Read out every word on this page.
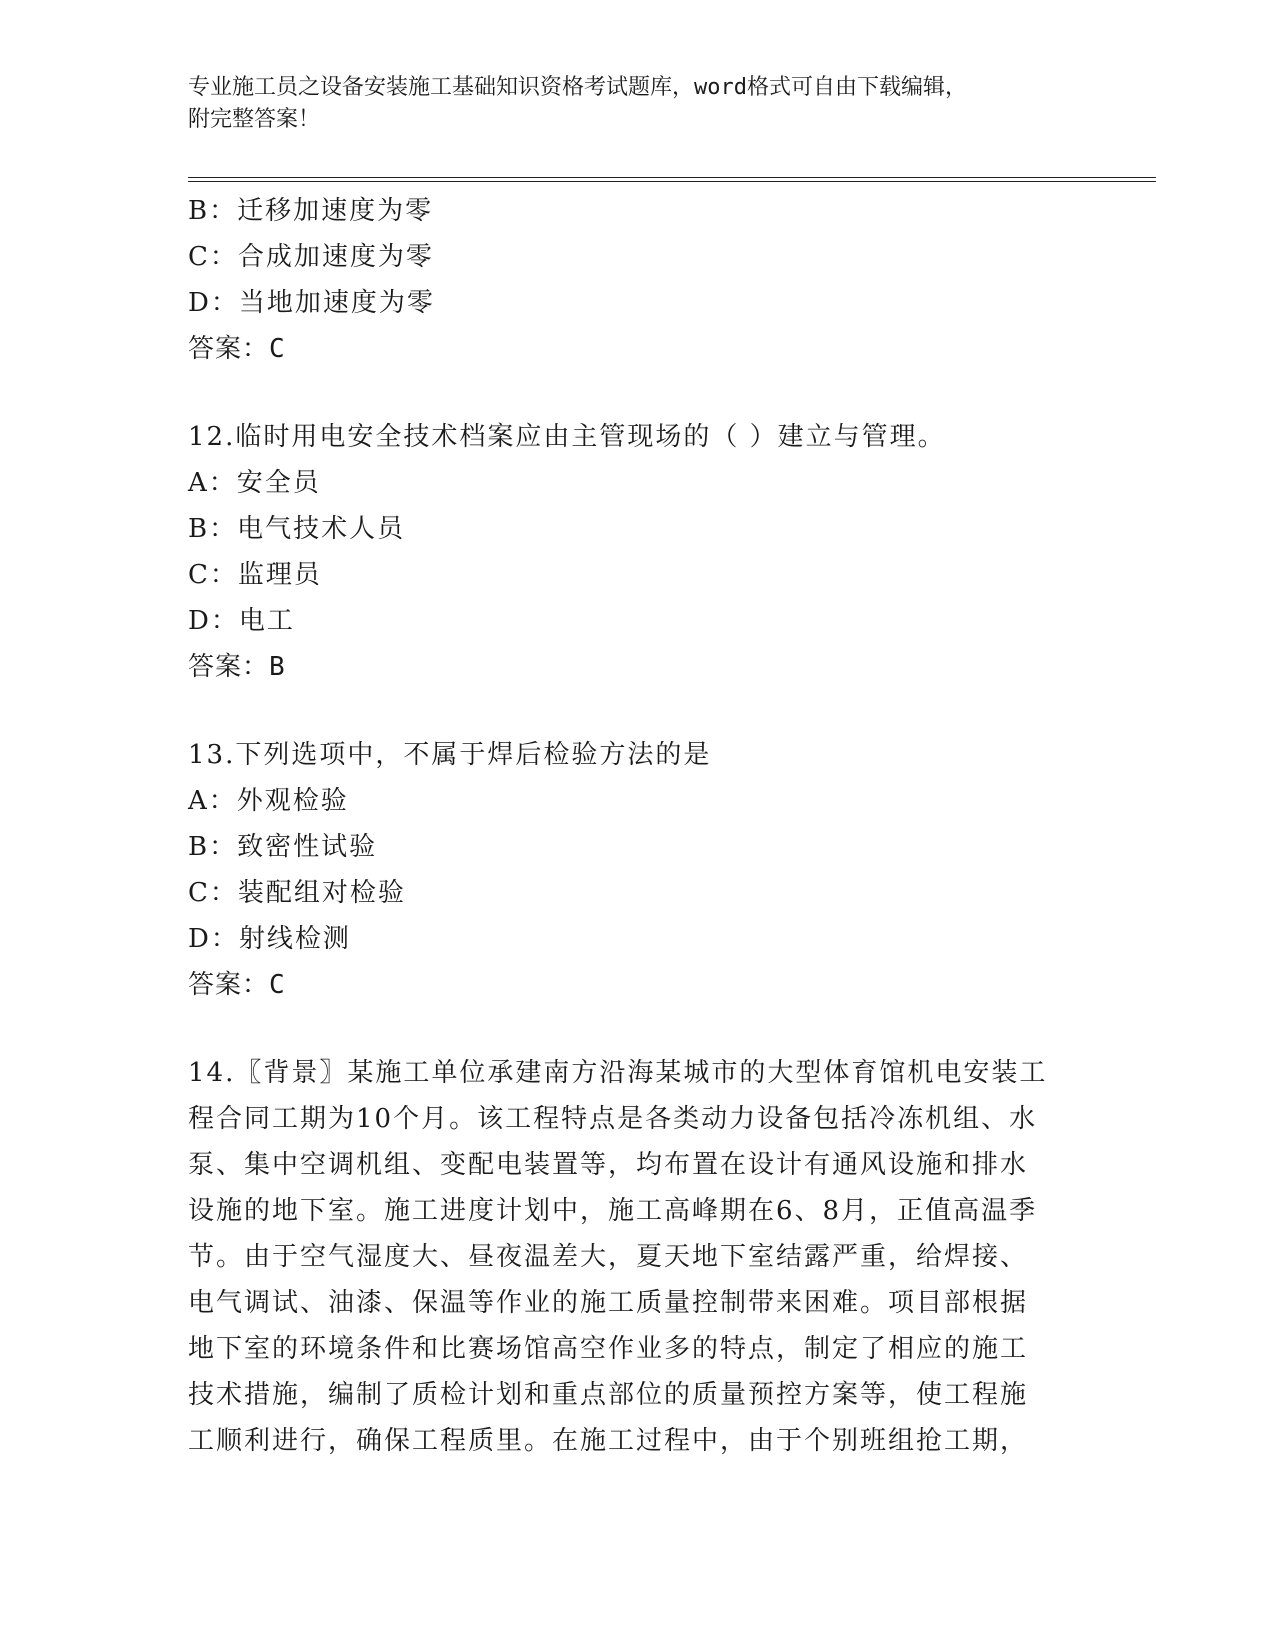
专业施工员之设备安装施工基础知识资格考试题库，word格式可自由下载编辑，
附完整答案！
B：迁移加速度为零
C：合成加速度为零
D：当地加速度为零
答案：C
12.临时用电安全技术档案应由主管现场的（ ）建立与管理。
A：安全员
B：电气技术人员
C：监理员
D：电工
答案：B
13.下列选项中，不属于焊后检验方法的是
A：外观检验
B：致密性试验
C：装配组对检验
D：射线检测
答案：C
14.〖背景〗某施工单位承建南方沿海某城市的大型体育馆机电安装工
程合同工期为10个月。该工程特点是各类动力设备包括冷冻机组、水
泵、集中空调机组、变配电装置等，均布置在设计有通风设施和排水
设施的地下室。施工进度计划中，施工高峰期在6、8月，正值高温季
节。由于空气湿度大、昼夜温差大，夏天地下室结露严重，给焊接、
电气调试、油漆、保温等作业的施工质量控制带来困难。项目部根据
地下室的环境条件和比赛场馆高空作业多的特点，制定了相应的施工
技术措施，编制了质检计划和重点部位的质量预控方案等，使工程施
工顺利进行，确保工程质里。在施工过程中，由于个别班组抢工期，
